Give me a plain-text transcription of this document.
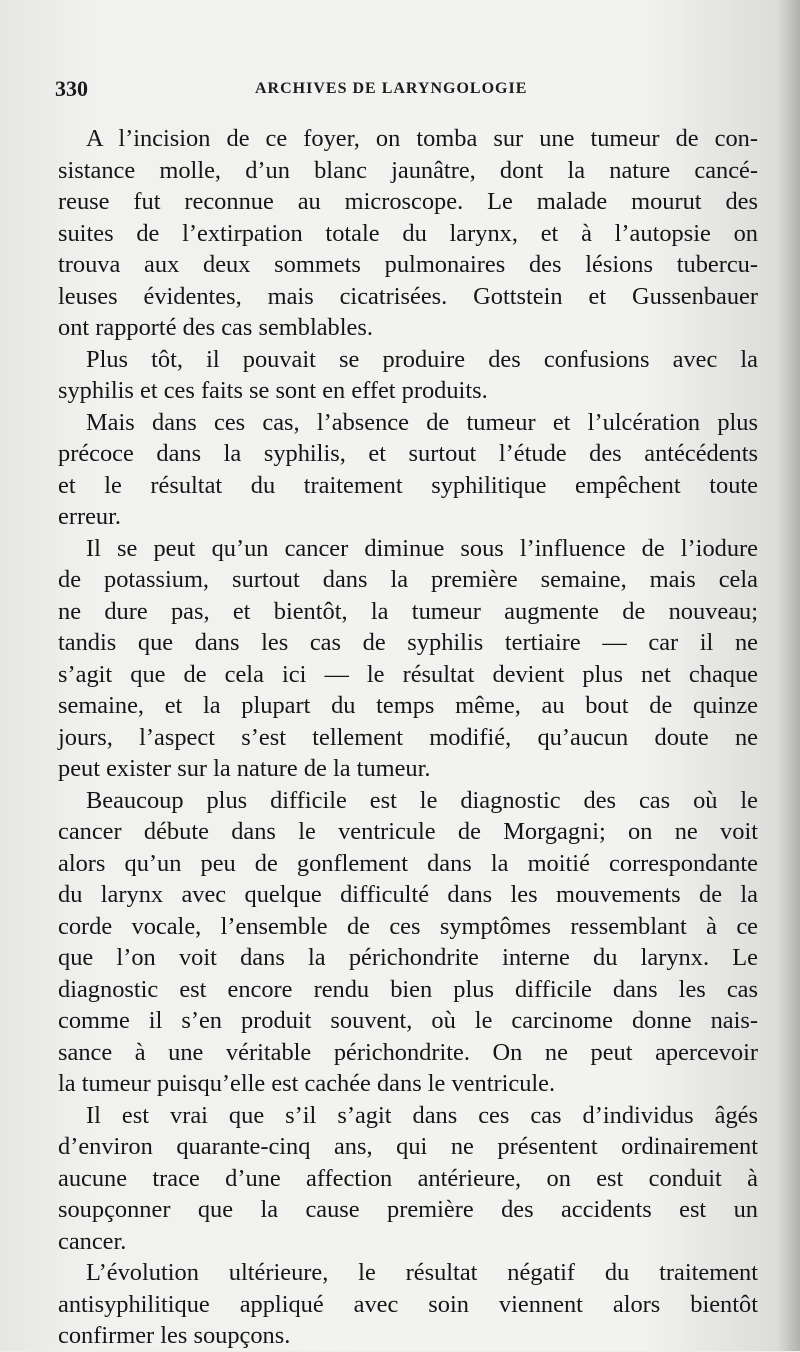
330	ARCHIVES DE LARYNGOLOGIE
A l’incision de ce foyer, on tomba sur une tumeur de con-
sistance molle, d’un blanc jaunâtre, dont la nature cancé-
reuse fut reconnue au microscope. Le malade mourut des
suites de l’extirpation totale du larynx, et à l’autopsie on
trouva aux deux sommets pulmonaires des lésions tubercu-
leuses évidentes, mais cicatrisées. Gottstein et Gussenbauer
ont rapporté des cas semblables.
Plus tôt, il pouvait se produire des confusions avec la
syphilis et ces faits se sont en effet produits.
Mais dans ces cas, l’absence de tumeur et l’ulcération plus
précoce dans la syphilis, et surtout l’étude des antécédents
et le résultat du traitement syphilitique empêchent toute
erreur.
Il se peut qu’un cancer diminue sous l’influence de l’iodure
de potassium, surtout dans la première semaine, mais cela
ne dure pas, et bientôt, la tumeur augmente de nouveau;
tandis que dans les cas de syphilis tertiaire — car il ne
s’agit que de cela ici — le résultat devient plus net chaque
semaine, et la plupart du temps même, au bout de quinze
jours, l’aspect s’est tellement modifié, qu’aucun doute ne
peut exister sur la nature de la tumeur.
Beaucoup plus difficile est le diagnostic des cas où le
cancer débute dans le ventricule de Morgagni; on ne voit
alors qu’un peu de gonflement dans la moitié correspondante
du larynx avec quelque difficulté dans les mouvements de la
corde vocale, l’ensemble de ces symptômes ressemblant à ce
que l’on voit dans la périchondrite interne du larynx. Le
diagnostic est encore rendu bien plus difficile dans les cas
comme il s’en produit souvent, où le carcinome donne nais-
sance à une véritable périchondrite. On ne peut apercevoir
la tumeur puisqu’elle est cachée dans le ventricule.
Il est vrai que s’il s’agit dans ces cas d’individus âgés
d’environ quarante-cinq ans, qui ne présentent ordinairement
aucune trace d’une affection antérieure, on est conduit à
soupçonner que la cause première des accidents est un
cancer.
L’évolution ultérieure, le résultat négatif du traitement
antisyphilitique appliqué avec soin viennent alors bientôt
confirmer les soupçons.
